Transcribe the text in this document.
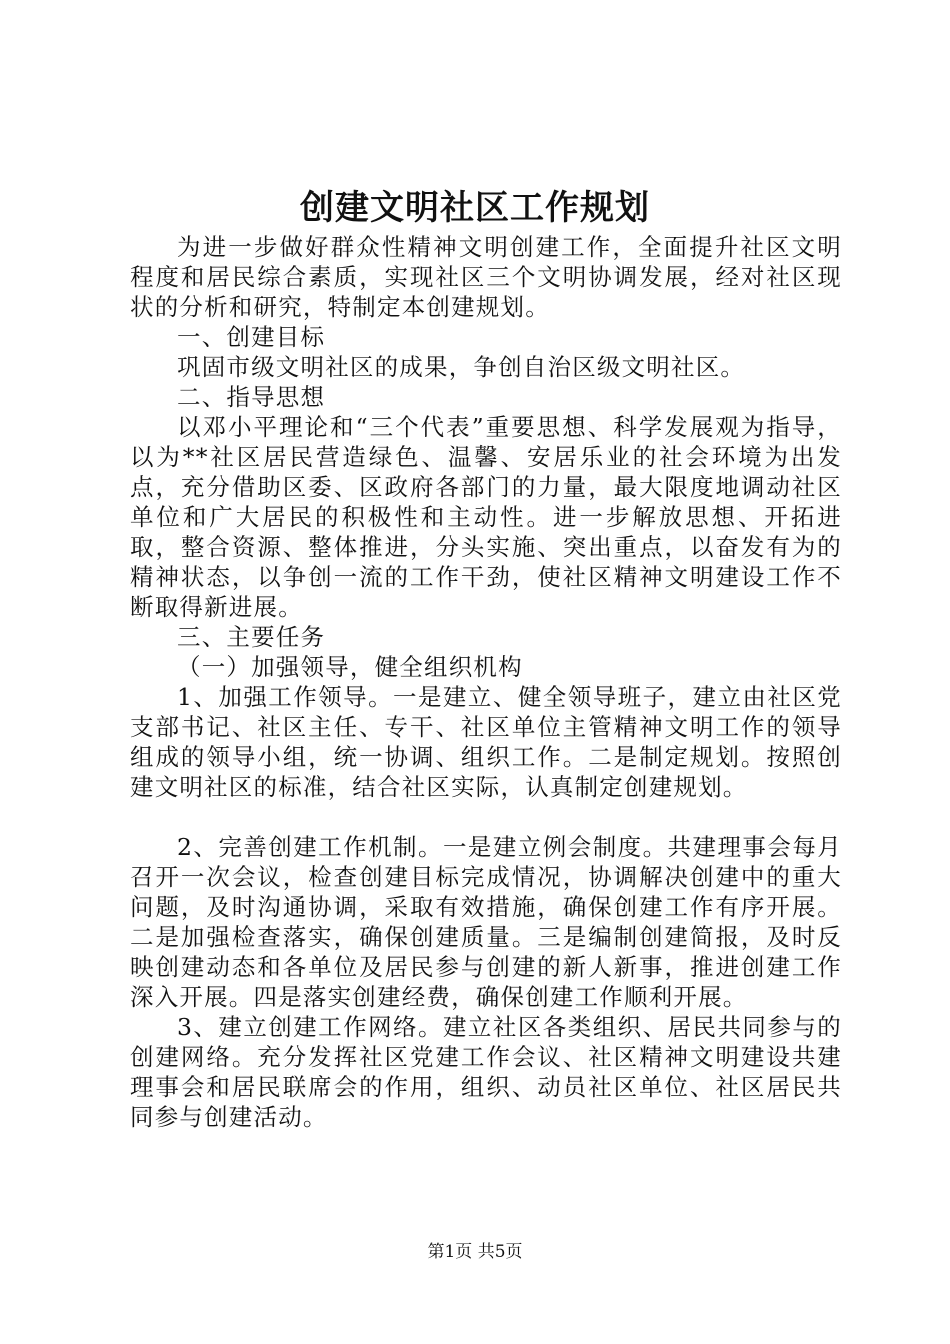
创建文明社区工作规划

为进一步做好群众性精神文明创建工作，全面提升社区文明程度和居民综合素质，实现社区三个文明协调发展，经对社区现状的分析和研究，特制定本创建规划。

一、创建目标

巩固市级文明社区的成果，争创自治区级文明社区。

二、指导思想

以邓小平理论和“三个代表”重要思想、科学发展观为指导，以为**社区居民营造绿色、温馨、安居乐业的社会环境为出发点，充分借助区委、区政府各部门的力量，最大限度地调动社区单位和广大居民的积极性和主动性。进一步解放思想、开拓进取，整合资源、整体推进，分头实施、突出重点，以奋发有为的精神状态，以争创一流的工作干劲，使社区精神文明建设工作不断取得新进展。

三、主要任务

（一）加强领导，健全组织机构

1、加强工作领导。一是建立、健全领导班子，建立由社区党支部书记、社区主任、专干、社区单位主管精神文明工作的领导组成的领导小组，统一协调、组织工作。二是制定规划。按照创建文明社区的标准，结合社区实际，认真制定创建规划。

2、完善创建工作机制。一是建立例会制度。共建理事会每月召开一次会议，检查创建目标完成情况，协调解决创建中的重大问题，及时沟通协调，采取有效措施，确保创建工作有序开展。二是加强检查落实，确保创建质量。三是编制创建简报，及时反映创建动态和各单位及居民参与创建的新人新事，推进创建工作深入开展。四是落实创建经费，确保创建工作顺利开展。

3、建立创建工作网络。建立社区各类组织、居民共同参与的创建网络。充分发挥社区党建工作会议、社区精神文明建设共建理事会和居民联席会的作用，组织、动员社区单位、社区居民共同参与创建活动。

第1页 共5页
